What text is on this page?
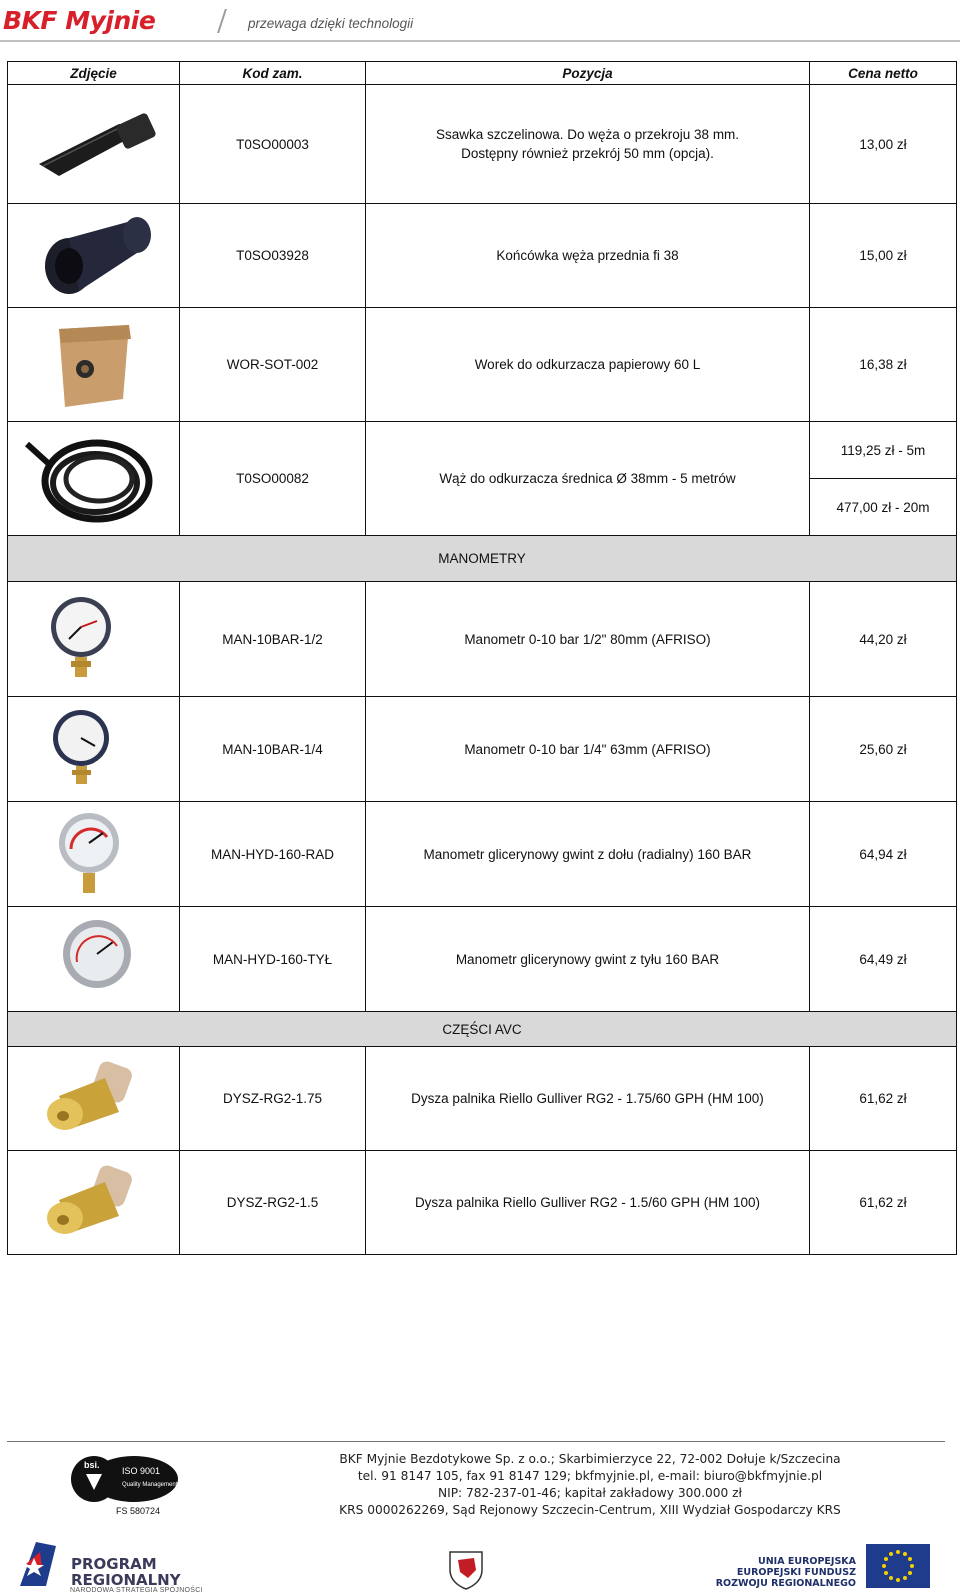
BKF Myjnie	przewaga dzięki technologii
Zdjęcie	Kod zam.	Pozycja	Cena netto

	T0SO00003	Ssawka szczelinowa. Do węża o przekroju 38 mm.
Dostępny również przekrój 50 mm (opcja).	13,00 zł

	T0SO03928	Końcówka węża przednia fi 38	15,00 zł

	WOR-SOT-002	Worek do odkurzacza papierowy 60 L	16,38 zł

	T0SO00082	Wąż do odkurzacza średnica Ø 38mm - 5 metrów	119,25 zł - 5m
			477,00 zł - 20m
MANOMETRY			

	MAN-10BAR-1/2	Manometr 0-10 bar 1/2" 80mm (AFRISO)	44,20 zł

	MAN-10BAR-1/4	Manometr 0-10 bar 1/4" 63mm (AFRISO)	25,60 zł

	MAN-HYD-160-RAD	Manometr glicerynowy gwint z dołu (radialny) 160 BAR	64,94 zł

	MAN-HYD-160-TYŁ	Manometr glicerynowy gwint z tyłu 160 BAR	64,49 zł
CZĘŚCI AVC			

	DYSZ-RG2-1.75	Dysza palnika Riello Gulliver RG2 - 1.75/60 GPH (HM 100)	61,62 zł

	DYSZ-RG2-1.5	Dysza palnika Riello Gulliver RG2 - 1.5/60 GPH (HM 100)	61,62 zł
bsi.
ISO 9001
Quality Management
FS 580724
BKF Myjnie Bezdotykowe Sp. z o.o.; Skarbimierzyce 22, 72-002 Dołuje k/Szczecina
tel. 91 8147 105, fax 91 8147 129; bkfmyjnie.pl, e-mail: biuro@bkfmyjnie.pl
NIP: 782-237-01-46; kapitał zakładowy 300.000 zł
KRS 0000262269, Sąd Rejonowy Szczecin-Centrum, XIII Wydział Gospodarczy KRS
PROGRAM
REGIONALNY
NARODOWA STRATEGIA SPÓJNOŚCI
UNIA EUROPEJSKA
EUROPEJSKI FUNDUSZ
ROZWOJU REGIONALNEGO
